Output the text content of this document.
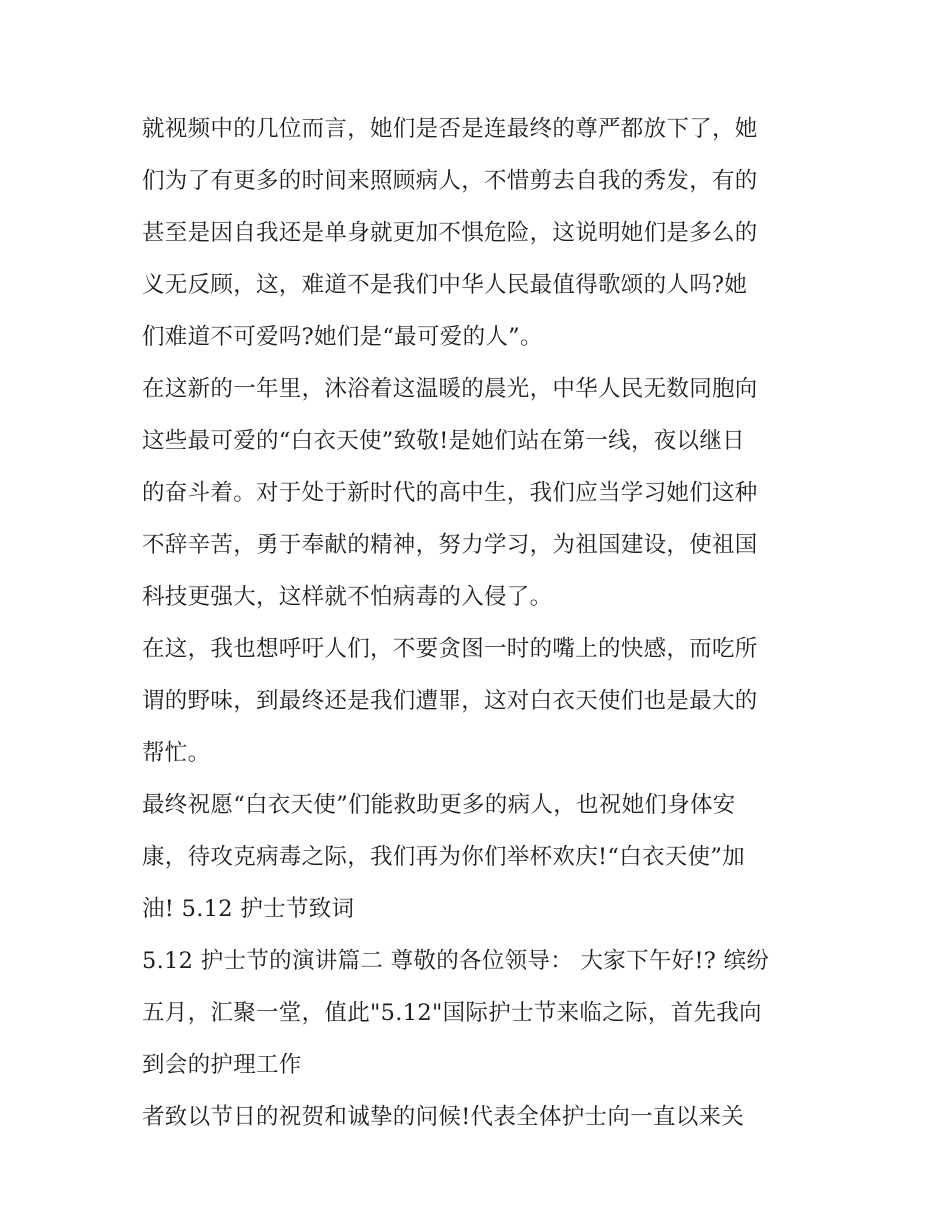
就视频中的几位而言，她们是否是连最终的尊严都放下了，她
们为了有更多的时间来照顾病人，不惜剪去自我的秀发，有的
甚至是因自我还是单身就更加不惧危险，这说明她们是多么的
义无反顾，这，难道不是我们中华人民最值得歌颂的人吗?她
们难道不可爱吗?她们是“最可爱的人”。
在这新的一年里，沐浴着这温暖的晨光，中华人民无数同胞向
这些最可爱的“白衣天使”致敬!是她们站在第一线，夜以继日
的奋斗着。对于处于新时代的高中生，我们应当学习她们这种
不辞辛苦，勇于奉献的精神，努力学习，为祖国建设，使祖国
科技更强大，这样就不怕病毒的入侵了。
在这，我也想呼吁人们，不要贪图一时的嘴上的快感，而吃所
谓的野味，到最终还是我们遭罪，这对白衣天使们也是最大的
帮忙。
最终祝愿“白衣天使”们能救助更多的病人，也祝她们身体安
康，待攻克病毒之际，我们再为你们举杯欢庆!“白衣天使”加
油! 5.12 护士节致词
5.12 护士节的演讲篇二 尊敬的各位领导： 大家下午好!? 缤纷
五月，汇聚一堂，值此"5.12"国际护士节来临之际，首先我向
到会的护理工作
者致以节日的祝贺和诚挚的问候!代表全体护士向一直以来关
